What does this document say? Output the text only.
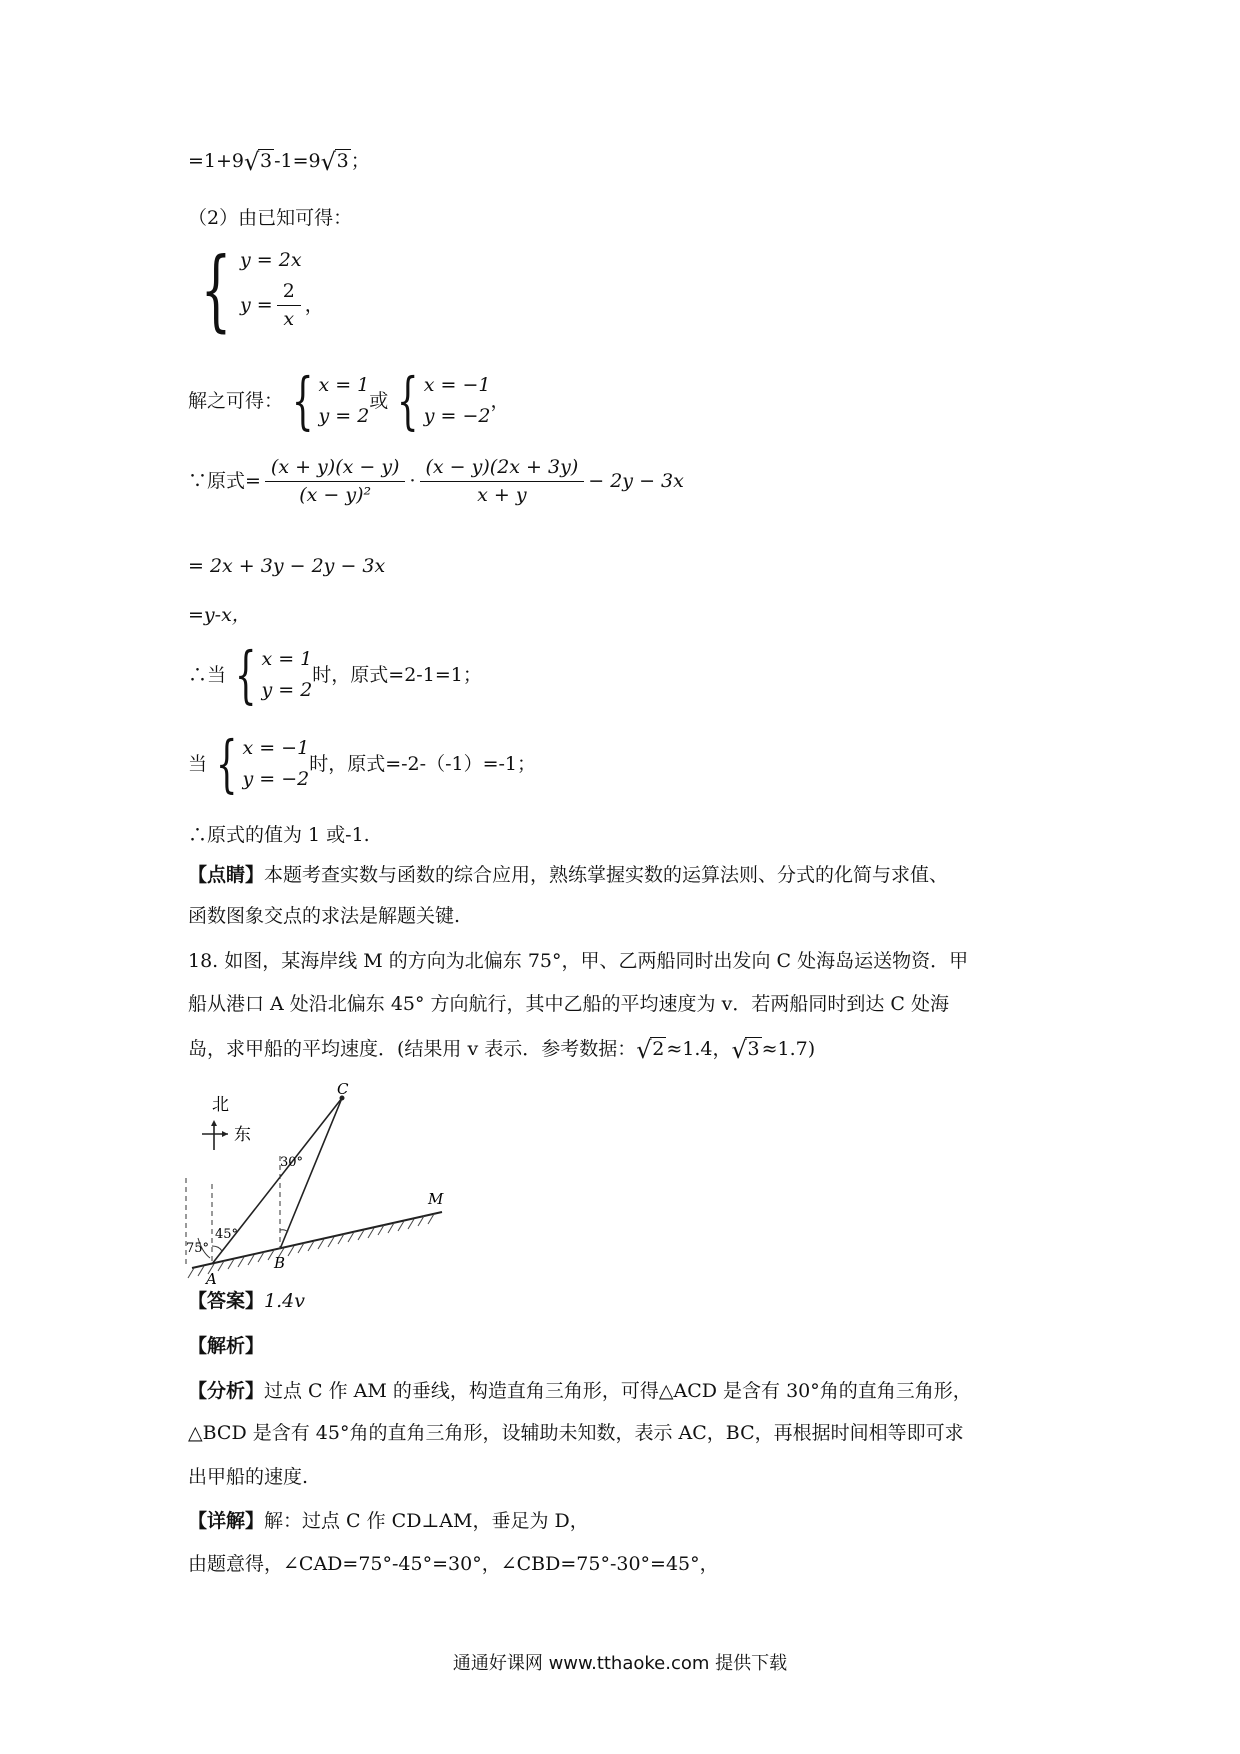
=1+9 √ 3 -1=9 √ 3 ；
（2）由已知可得：
{ y = 2x
$y = \frac{2}{x}$ ，
解之可得： { x = 1
y = 2
或 { x = −1
y = −2
，
∵原式= $\frac{(x + y)(x - y)}{\text{(x − y)²}} \cdot \frac{(x - y)(2x + 3y)}{x + y} - 2y - 3x$
= 2x + 3y − 2y − 3x
=y-x，
∴当 { x = 1
y = 2
时，原式=2-1=1；
当 { x = −1
y = −2
时，原式=-2-（-1）=-1；
∴原式的值为 1 或-1.
【点睛】本题考查实数与函数的综合应用，熟练掌握实数的运算法则、分式的化简与求值、
函数图象交点的求法是解题关键.
18. 如图，某海岸线 M 的方向为北偏东 75°，甲、乙两船同时出发向 C 处海岛运送物资．甲
船从港口 A 处沿北偏东 45° 方向航行，其中乙船的平均速度为 v．若两船同时到达 C 处海
岛，求甲船的平均速度．(结果用 v 表示．参考数据： √ 2 ≈1.4， √ 3 ≈1.7)
北
东
C
M
A
B
75°
45°
30°
【答案】1.4v
【解析】
【分析】过点 C 作 AM 的垂线，构造直角三角形，可得△ACD 是含有 30°角的直角三角形，
△BCD 是含有 45°角的直角三角形，设辅助未知数，表示 AC，BC，再根据时间相等即可求
出甲船的速度.
【详解】解：过点 C 作 CD⊥AM，垂足为 D，
由题意得，∠CAD=75°-45°=30°，∠CBD=75°-30°=45°，
通通好课网 www.tthaoke.com 提供下载
